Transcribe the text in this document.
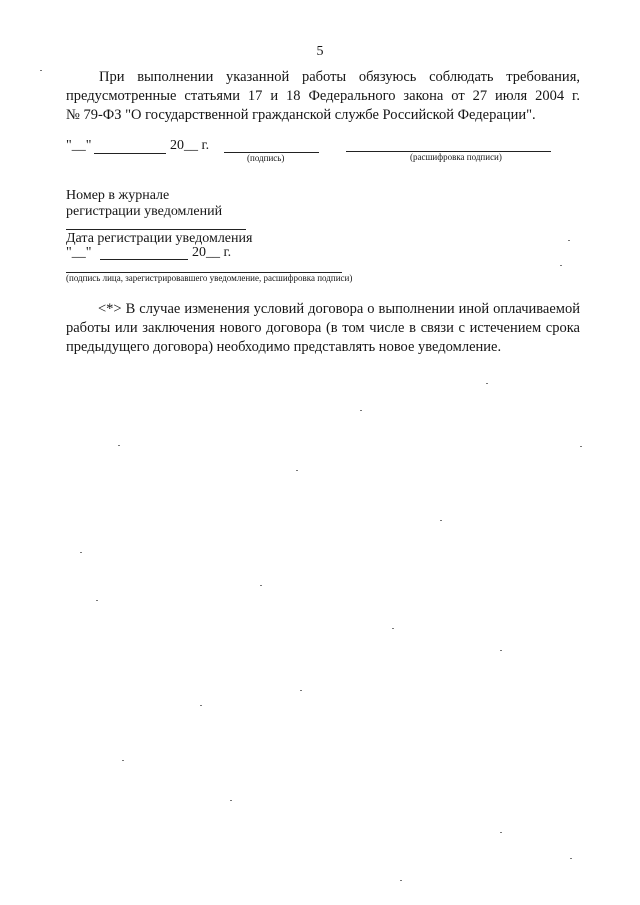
5
При выполнении указанной работы обязуюсь соблюдать требования,
предусмотренные статьями 17 и 18 Федерального закона от 27 июля 2004 г.
№ 79-ФЗ "О государственной гражданской службе Российской Федерации".
"__"	20__ г.
(подпись)	(расшифровка подписи)
Номер в журнале
регистрации уведомлений
Дата регистрации уведомления
"__"	20__ г.
(подпись лица, зарегистрировавшего уведомление, расшифровка подписи)
<*> В случае изменения условий договора о выполнении иной оплачиваемой
работы или заключения нового договора (в том числе в связи с истечением срока
предыдущего договора) необходимо представлять новое уведомление.
